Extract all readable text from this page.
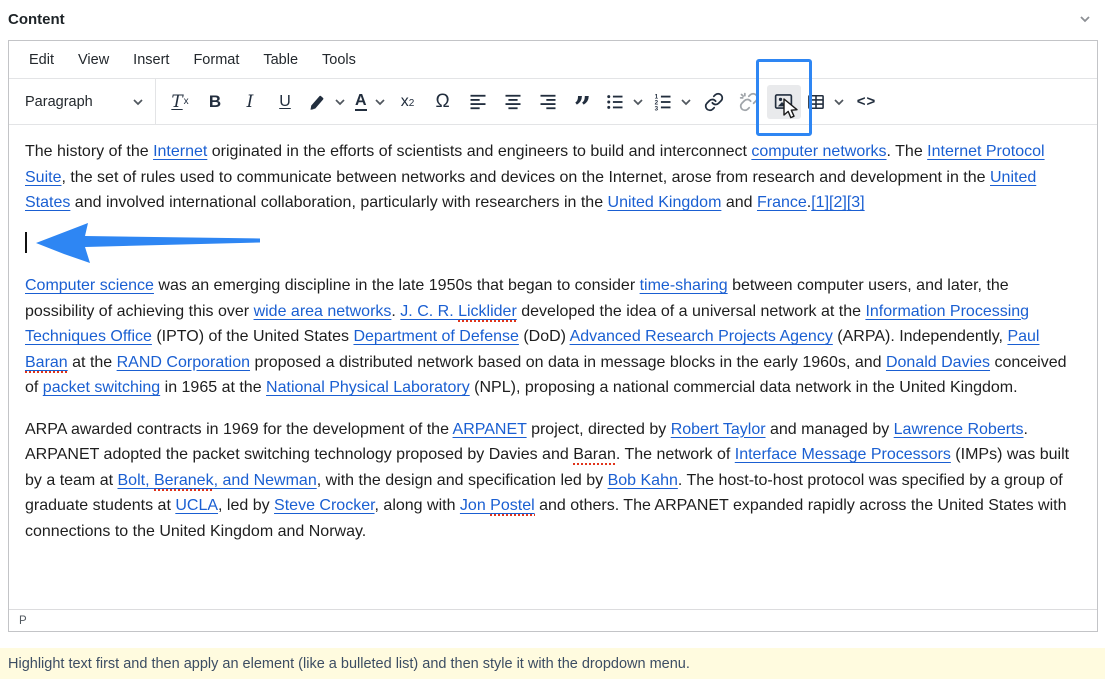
Content
Edit	View	Insert	Format	Table	Tools
Paragraph	T x B I U	A x 2 Ω	”	1
2
3	<>

The history of the Internet originated in the efforts of scientists and engineers to build and interconnect computer networks. The Internet Protocol Suite, the set of rules used to communicate between networks and devices on the Internet, arose from research and development in the United States and involved international collaboration, particularly with researchers in the United Kingdom and France.[1][2][3]

Computer science was an emerging discipline in the late 1950s that began to consider time-sharing between computer users, and later, the possibility of achieving this over wide area networks. J. C. R. Licklider developed the idea of a universal network at the Information Processing Techniques Office (IPTO) of the United States Department of Defense (DoD) Advanced Research Projects Agency (ARPA). Independently, Paul Baran at the RAND Corporation proposed a distributed network based on data in message blocks in the early 1960s, and Donald Davies conceived of packet switching in 1965 at the National Physical Laboratory (NPL), proposing a national commercial data network in the United Kingdom.

ARPA awarded contracts in 1969 for the development of the ARPANET project, directed by Robert Taylor and managed by Lawrence Roberts. ARPANET adopted the packet switching technology proposed by Davies and Baran. The network of Interface Message Processors (IMPs) was built by a team at Bolt, Beranek, and Newman, with the design and specification led by Bob Kahn. The host-to-host protocol was specified by a group of graduate students at UCLA, led by Steve Crocker, along with Jon Postel and others. The ARPANET expanded rapidly across the United States with connections to the United Kingdom and Norway.

P
Highlight text first and then apply an element (like a bulleted list) and then style it with the dropdown menu.
